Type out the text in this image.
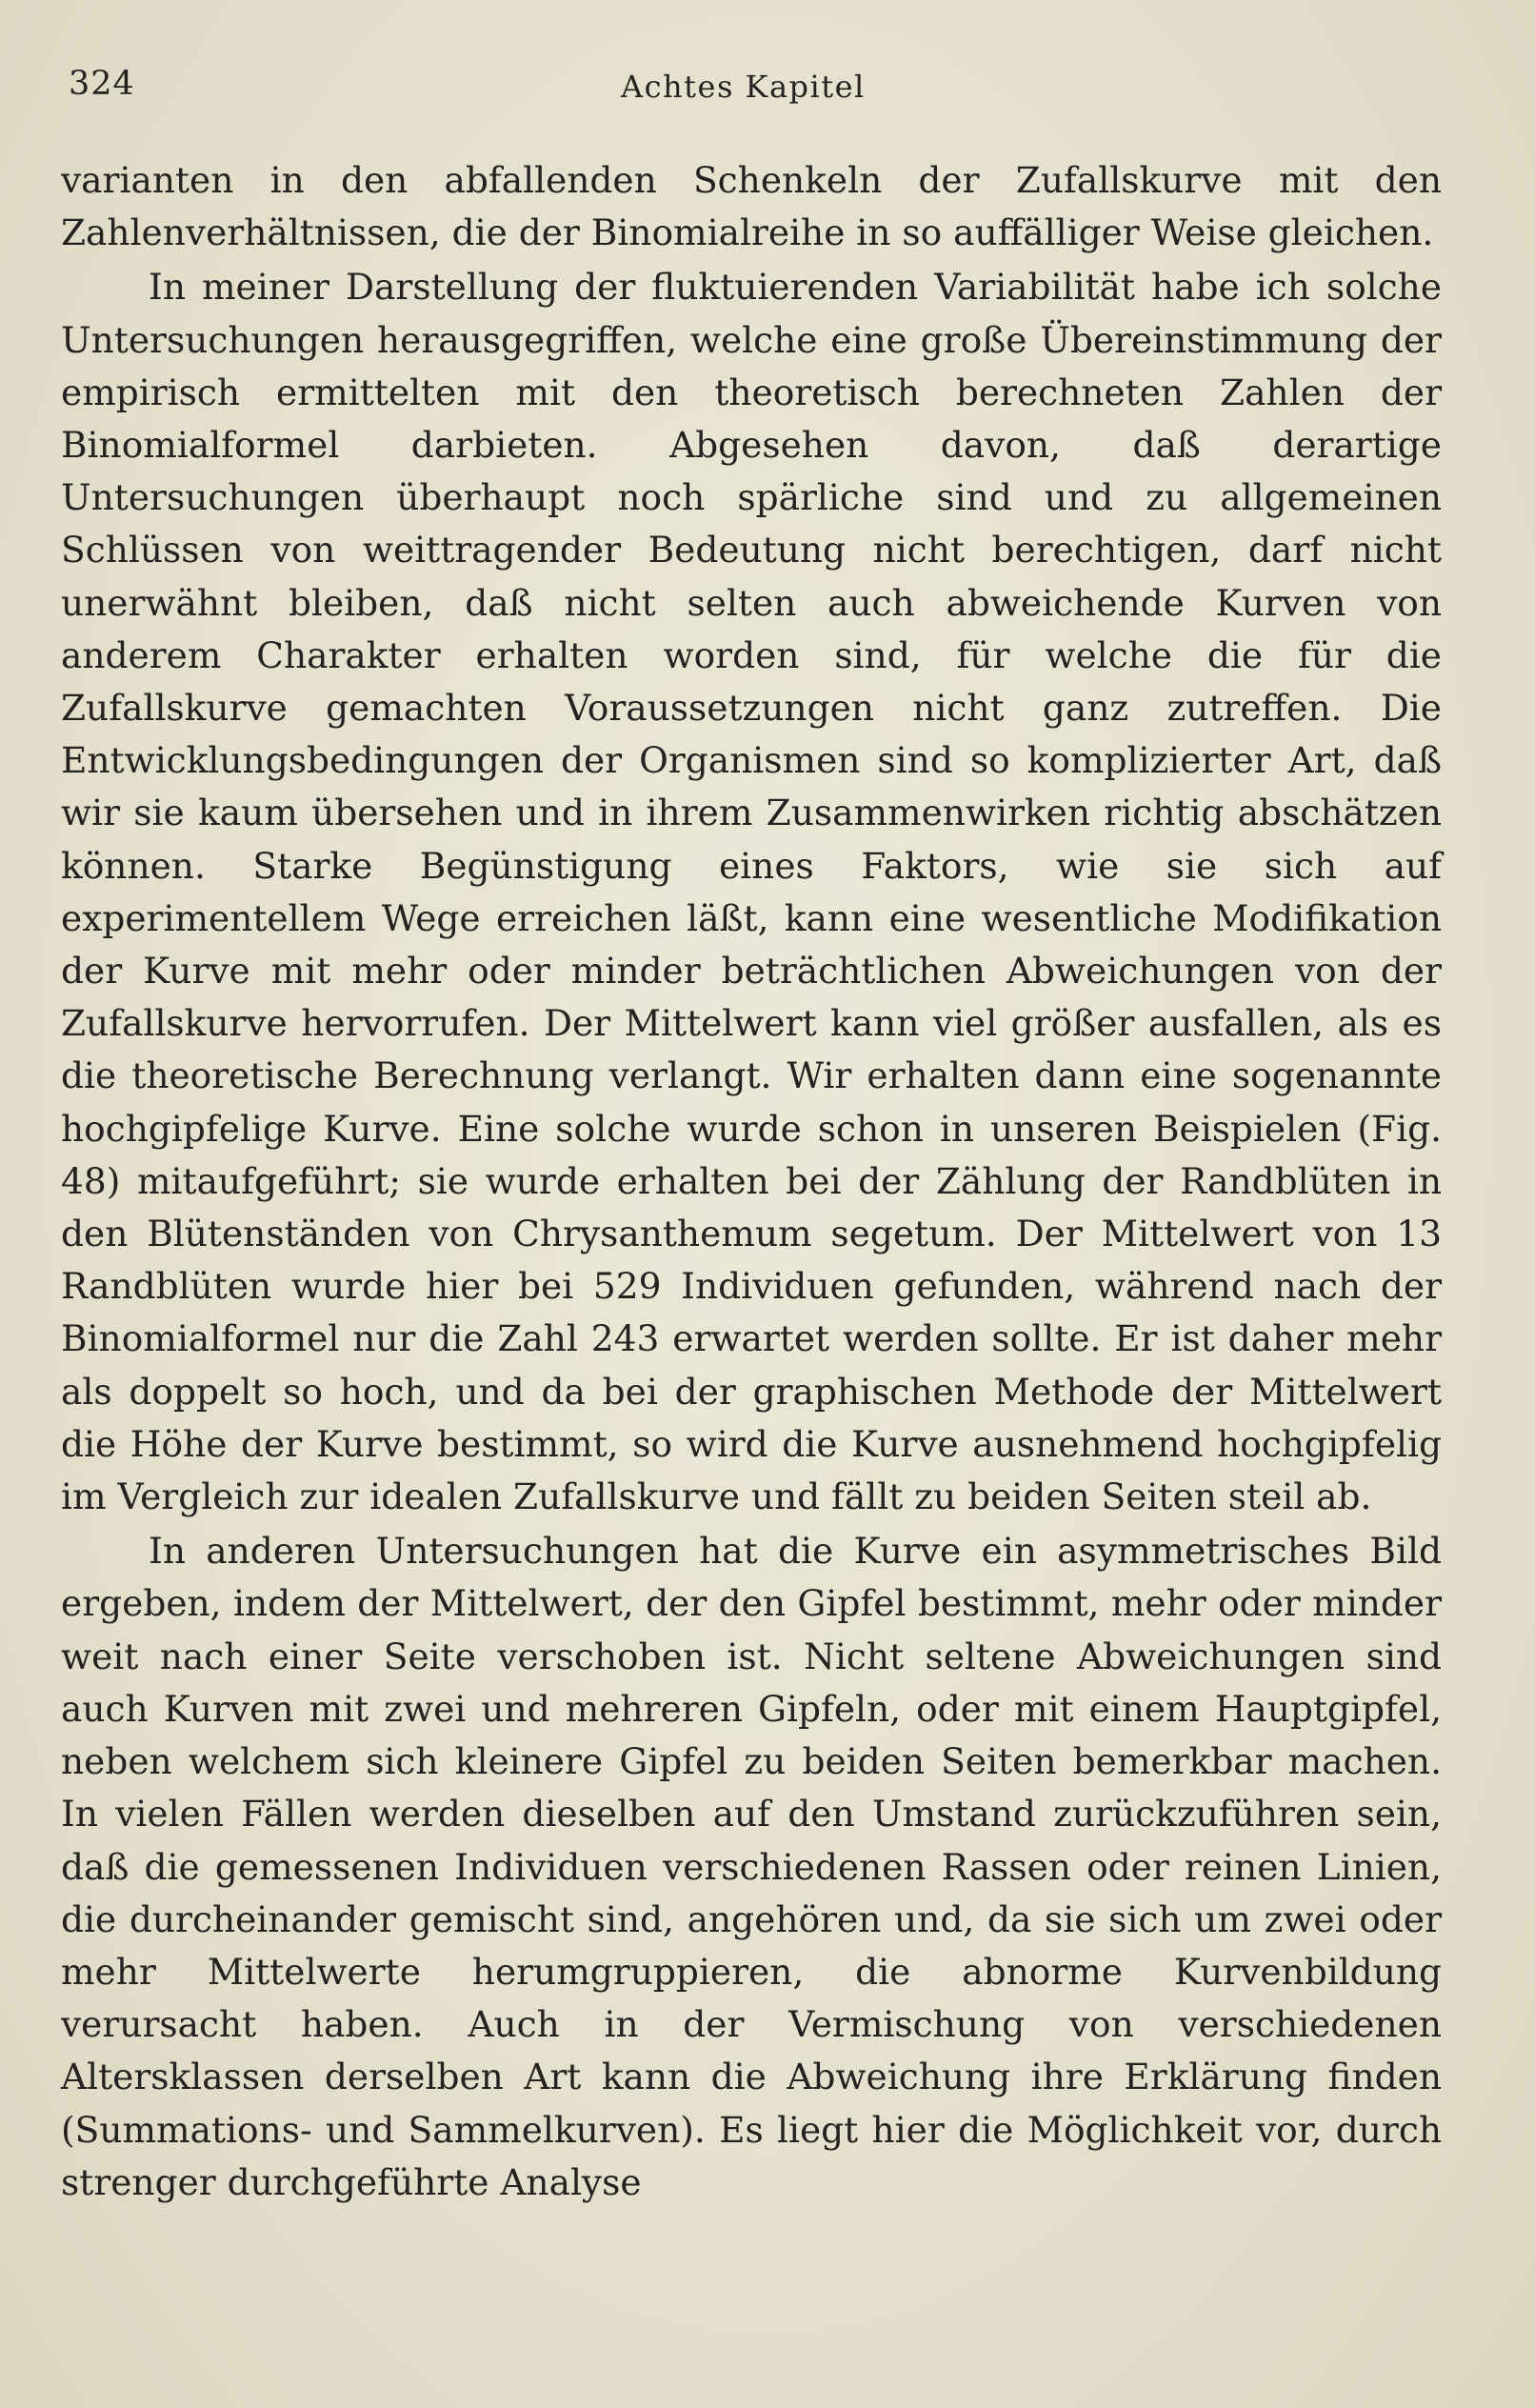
324	Achtes Kapitel

varianten in den abfallenden Schenkeln der Zufallskurve mit den Zahlenverhältnissen, die der Binomialreihe in so auffälliger Weise gleichen.

In meiner Darstellung der fluktuierenden Variabilität habe ich solche Untersuchungen herausgegriffen, welche eine große Übereinstimmung der empirisch ermittelten mit den theoretisch berechneten Zahlen der Binomialformel darbieten. Abgesehen davon, daß derartige Untersuchungen überhaupt noch spärliche sind und zu allgemeinen Schlüssen von weittragender Bedeutung nicht berechtigen, darf nicht unerwähnt bleiben, daß nicht selten auch abweichende Kurven von anderem Charakter erhalten worden sind, für welche die für die Zufallskurve gemachten Voraussetzungen nicht ganz zutreffen. Die Entwicklungsbedingungen der Organismen sind so komplizierter Art, daß wir sie kaum übersehen und in ihrem Zusammenwirken richtig abschätzen können. Starke Begünstigung eines Faktors, wie sie sich auf experimentellem Wege erreichen läßt, kann eine wesentliche Modifikation der Kurve mit mehr oder minder beträchtlichen Abweichungen von der Zufallskurve hervorrufen. Der Mittelwert kann viel größer ausfallen, als es die theoretische Berechnung verlangt. Wir erhalten dann eine sogenannte hochgipfelige Kurve. Eine solche wurde schon in unseren Beispielen (Fig. 48) mitaufgeführt; sie wurde erhalten bei der Zählung der Randblüten in den Blütenständen von Chrysanthemum segetum. Der Mittelwert von 13 Randblüten wurde hier bei 529 Individuen gefunden, während nach der Binomialformel nur die Zahl 243 erwartet werden sollte. Er ist daher mehr als doppelt so hoch, und da bei der graphischen Methode der Mittelwert die Höhe der Kurve bestimmt, so wird die Kurve ausnehmend hochgipfelig im Vergleich zur idealen Zufallskurve und fällt zu beiden Seiten steil ab.

In anderen Untersuchungen hat die Kurve ein asymmetrisches Bild ergeben, indem der Mittelwert, der den Gipfel bestimmt, mehr oder minder weit nach einer Seite verschoben ist. Nicht seltene Abweichungen sind auch Kurven mit zwei und mehreren Gipfeln, oder mit einem Hauptgipfel, neben welchem sich kleinere Gipfel zu beiden Seiten bemerkbar machen. In vielen Fällen werden dieselben auf den Umstand zurückzuführen sein, daß die gemessenen Individuen verschiedenen Rassen oder reinen Linien, die durcheinander gemischt sind, angehören und, da sie sich um zwei oder mehr Mittelwerte herumgruppieren, die abnorme Kurvenbildung verursacht haben. Auch in der Vermischung von verschiedenen Altersklassen derselben Art kann die Abweichung ihre Erklärung finden (Summations- und Sammelkurven). Es liegt hier die Möglichkeit vor, durch strenger durchgeführte Analyse
